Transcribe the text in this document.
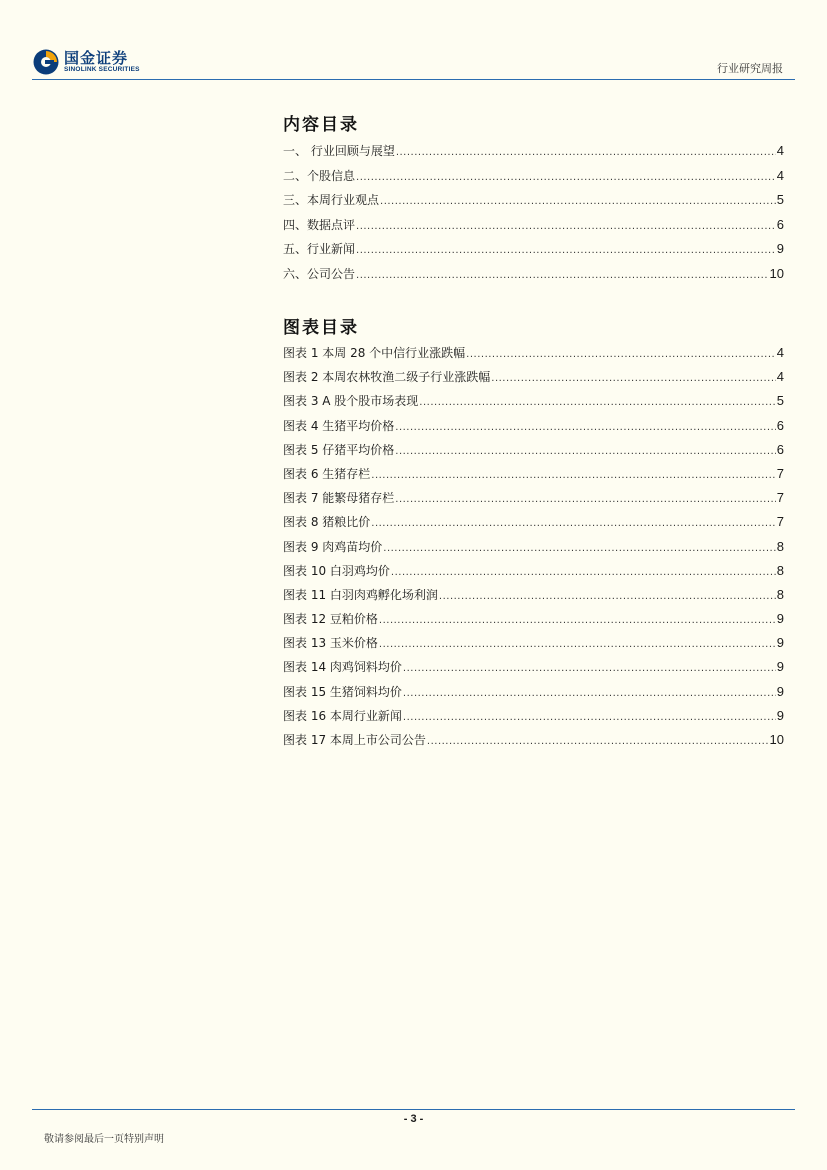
国金证券
SINOLINK SECURITIES	行业研究周报
内容目录
一、 行业回顾与展望 .....	4
二、个股信息 .....	4
三、本周行业观点 .....	5
四、数据点评 .....	6
五、行业新闻 .....	9
六、公司公告 .....	10
图表目录
图表 1 本周 28 个中信行业涨跌幅 .....	4
图表 2 本周农林牧渔二级子行业涨跌幅 .....	4
图表 3 A 股个股市场表现 .....	5
图表 4 生猪平均价格 .....	6
图表 5 仔猪平均价格 .....	6
图表 6 生猪存栏 .....	7
图表 7 能繁母猪存栏 .....	7
图表 8 猪粮比价 .....	7
图表 9 肉鸡苗均价 .....	8
图表 10 白羽鸡均价 .....	8
图表 11 白羽肉鸡孵化场利润 .....	8
图表 12 豆粕价格 .....	9
图表 13 玉米价格 .....	9
图表 14 肉鸡饲料均价 .....	9
图表 15 生猪饲料均价 .....	9
图表 16 本周行业新闻 .....	9
图表 17 本周上市公司公告 .....	10
- 3 -
敬请参阅最后一页特别声明
